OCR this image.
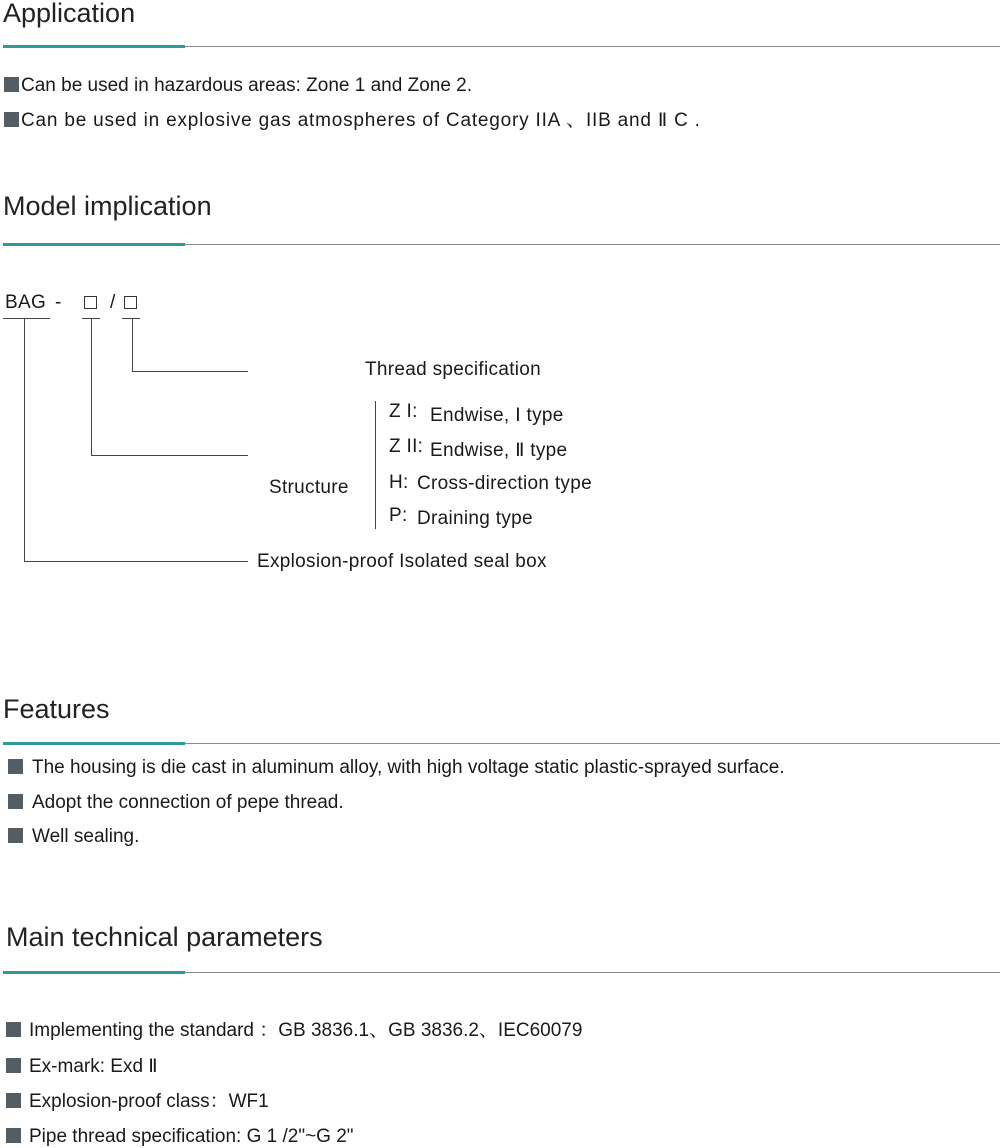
Application
Can be used in hazardous areas: Zone 1 and Zone 2.
Can be used in explosive gas atmospheres of Category IIA 、IIB and Ⅱ C .
Model implication
BAG -	/
Thread specification
Structure
Z I: Endwise, Ⅰ type
Z II: Endwise, Ⅱ type
H: Cross-direction type
P: Draining type
Explosion-proof Isolated seal box
Features
The housing is die cast in aluminum alloy, with high voltage static plastic-sprayed surface.
Adopt the connection of pepe thread.
Well sealing.
Main technical parameters
Implementing the standard ：GB 3836.1、GB 3836.2、IEC60079
Ex-mark: Exd Ⅱ
Explosion-proof class：WF1
Pipe thread specification: G 1 /2"~G 2"
